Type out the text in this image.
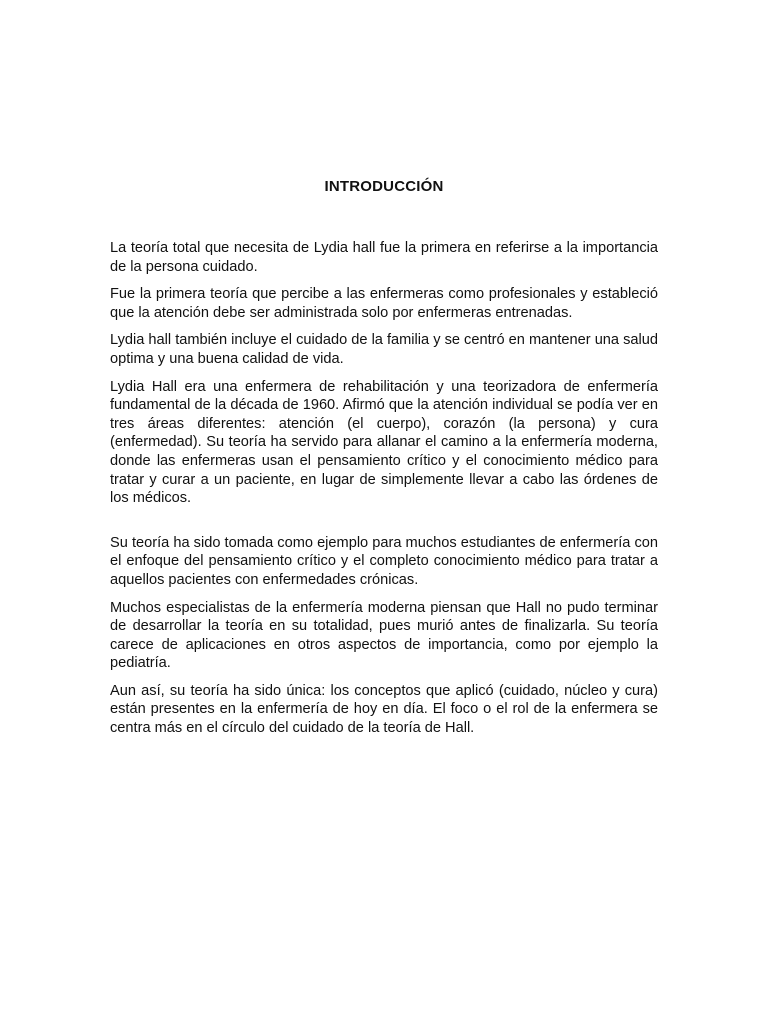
INTRODUCCIÓN

La teoría total que necesita de Lydia hall fue la primera en referirse a la importancia de la persona cuidado.

Fue la primera teoría que percibe a las enfermeras como profesionales y estableció que la atención debe ser administrada solo por enfermeras entrenadas.

Lydia hall también incluye el cuidado de la familia y se centró en mantener una salud optima y una buena calidad de vida.

Lydia Hall era una enfermera de rehabilitación y una teorizadora de enfermería fundamental de la década de 1960. Afirmó que la atención individual se podía ver en tres áreas diferentes: atención (el cuerpo), corazón (la persona) y cura (enfermedad). Su teoría ha servido para allanar el camino a la enfermería moderna, donde las enfermeras usan el pensamiento crítico y el conocimiento médico para tratar y curar a un paciente, en lugar de simplemente llevar a cabo las órdenes de los médicos.

Su teoría ha sido tomada como ejemplo para muchos estudiantes de enfermería con el enfoque del pensamiento crítico y el completo conocimiento médico para tratar a aquellos pacientes con enfermedades crónicas.

Muchos especialistas de la enfermería moderna piensan que Hall no pudo terminar de desarrollar la teoría en su totalidad, pues murió antes de finalizarla. Su teoría carece de aplicaciones en otros aspectos de importancia, como por ejemplo la pediatría.

Aun así, su teoría ha sido única: los conceptos que aplicó (cuidado, núcleo y cura) están presentes en la enfermería de hoy en día. El foco o el rol de la enfermera se centra más en el círculo del cuidado de la teoría de Hall.
